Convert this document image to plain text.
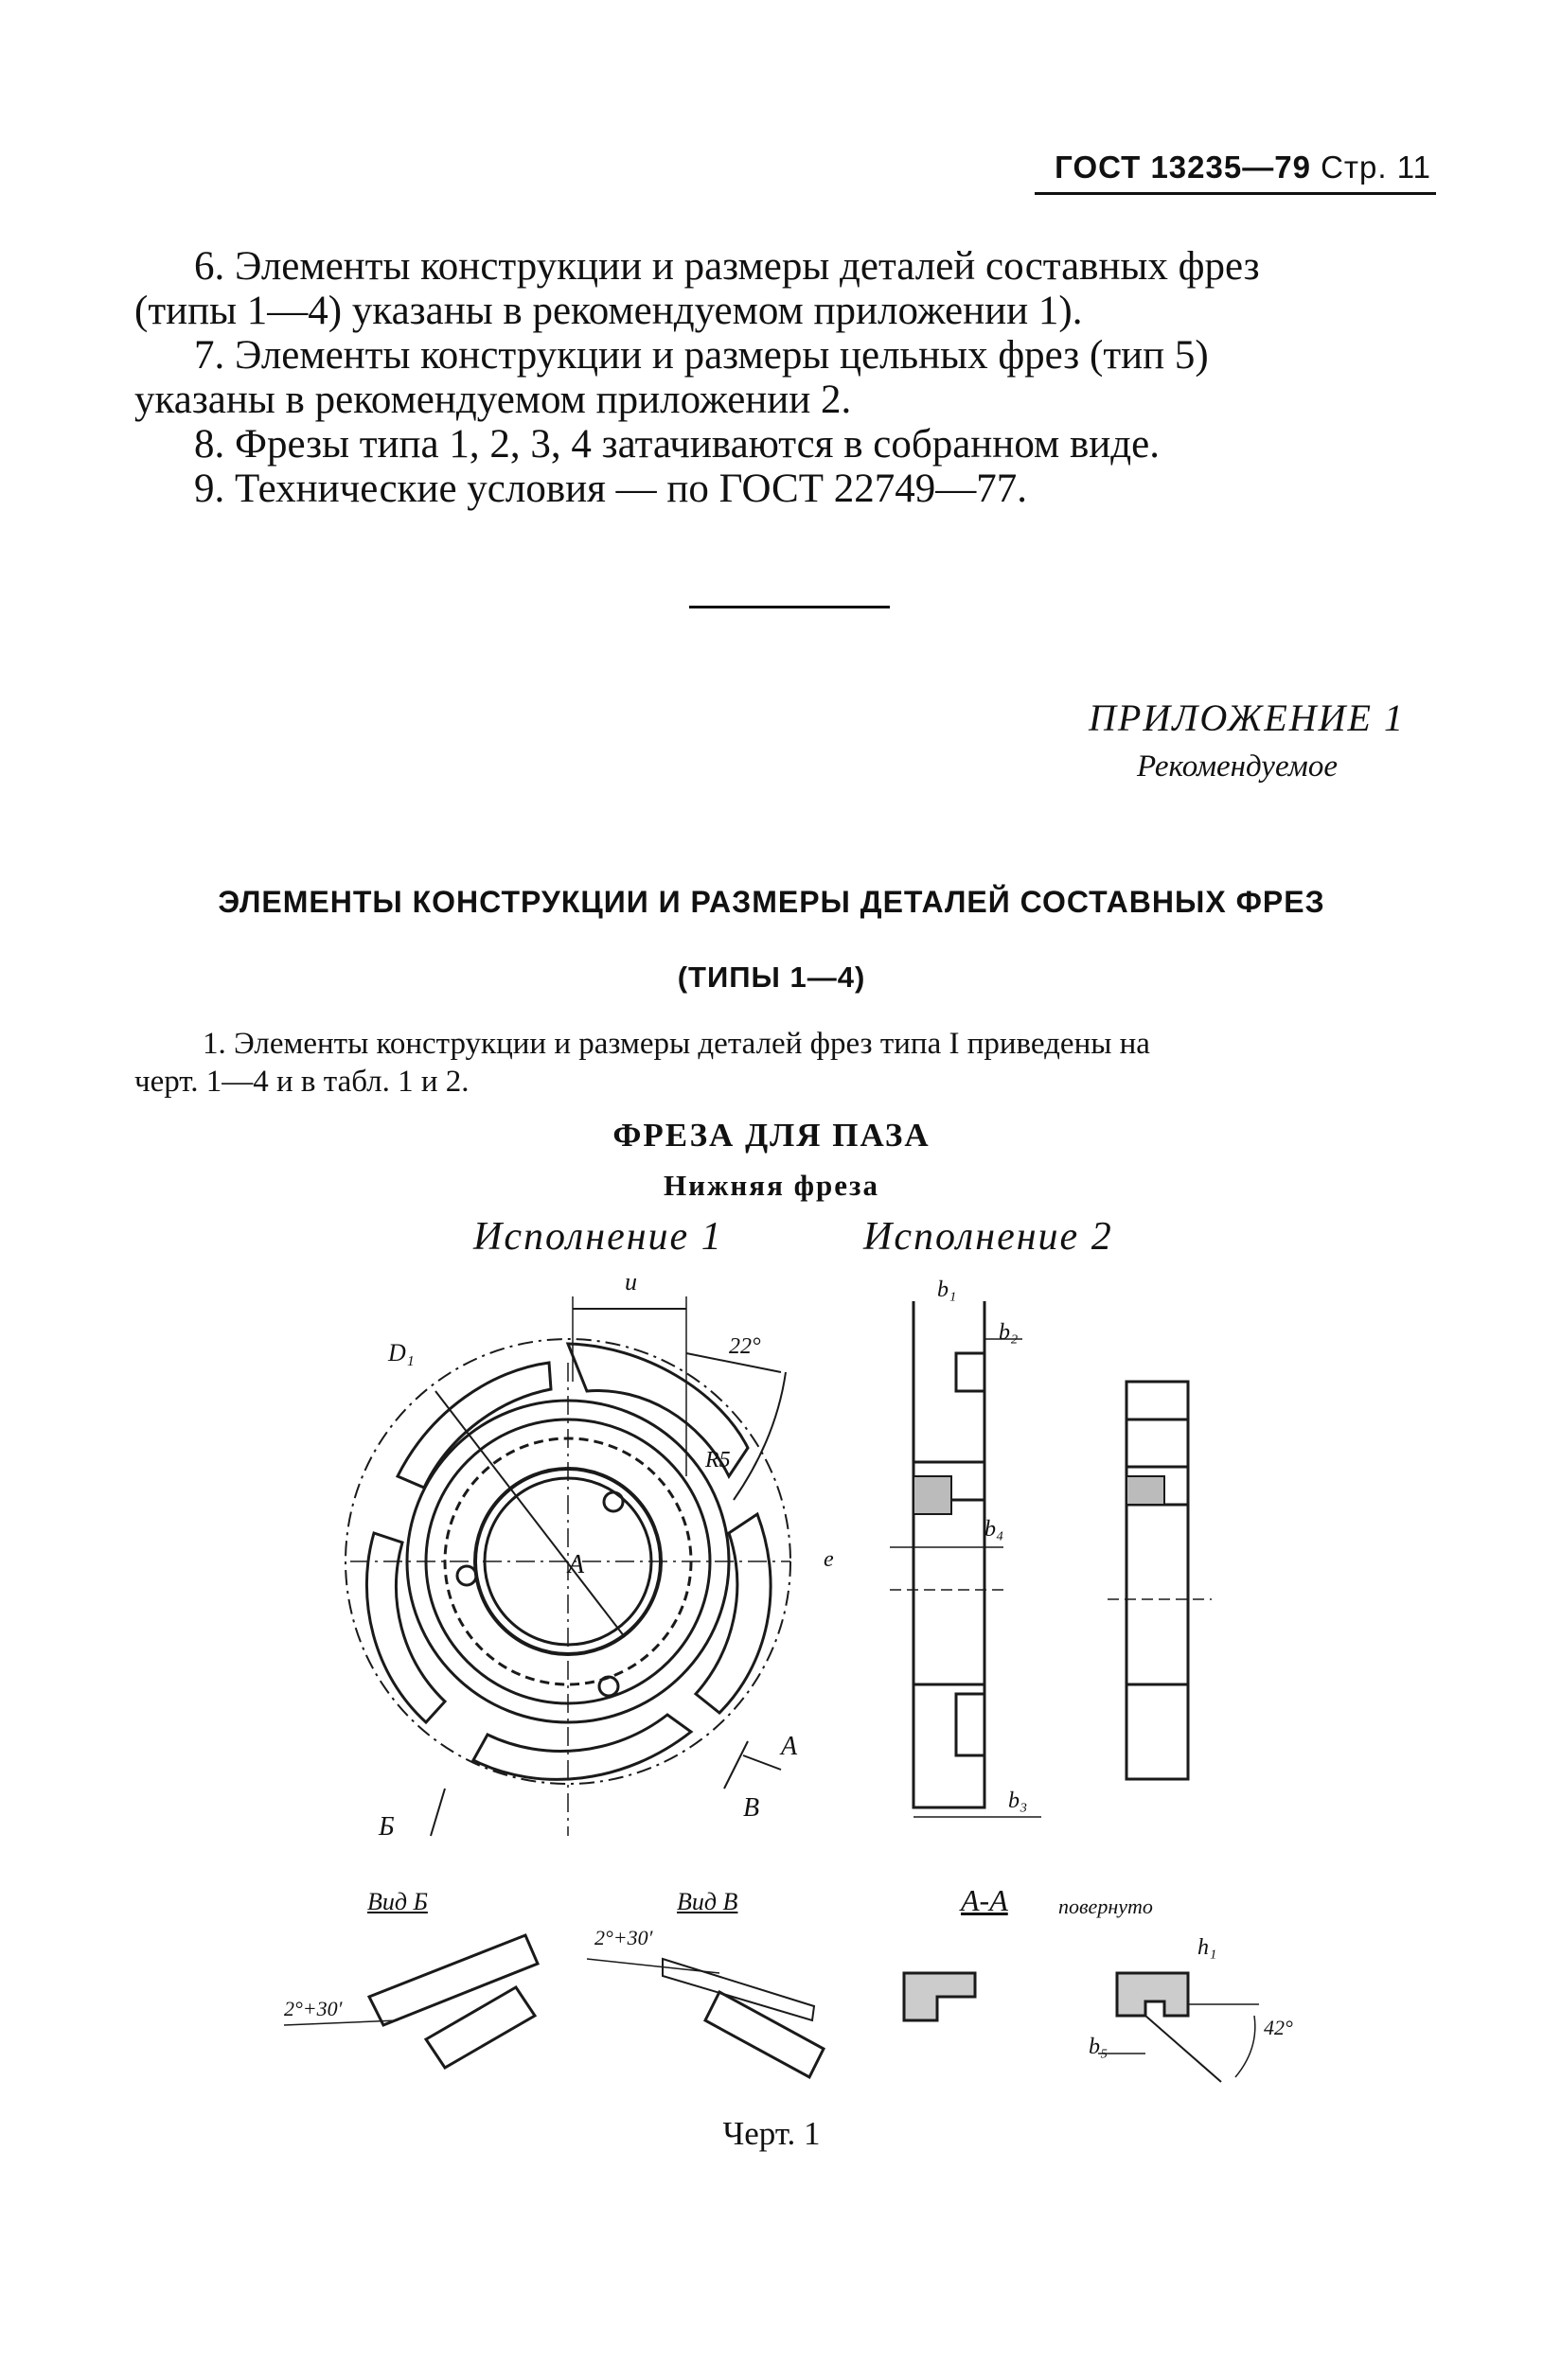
ГОСТ 13235—79 Стр. 11
6. Элементы конструкции и размеры деталей составных фрез
(типы 1—4) указаны в рекомендуемом приложении 1).
7. Элементы конструкции и размеры цельных фрез (тип 5)
указаны в рекомендуемом приложении 2.
8. Фрезы типа 1, 2, 3, 4 затачиваются в собранном виде.
9. Технические условия — по ГОСТ 22749—77.
ПРИЛОЖЕНИЕ 1
Рекомендуемое
ЭЛЕМЕНТЫ КОНСТРУКЦИИ И РАЗМЕРЫ ДЕТАЛЕЙ СОСТАВНЫХ ФРЕЗ
(ТИПЫ 1—4)
1. Элементы конструкции и размеры деталей фрез типа I приведены на
черт. 1—4 и в табл. 1 и 2.
ФРЕЗА ДЛЯ ПАЗА
Нижняя фреза
Исполнение 1	Исполнение 2
u
D₁	22°
R5
A
A
Б
В
e
b₁
b₂
b₄
b₃
b₅
h₁
42°
Вид Б	Вид В	А-А повернуто
2°+30′
2°+30′
Черт. 1
